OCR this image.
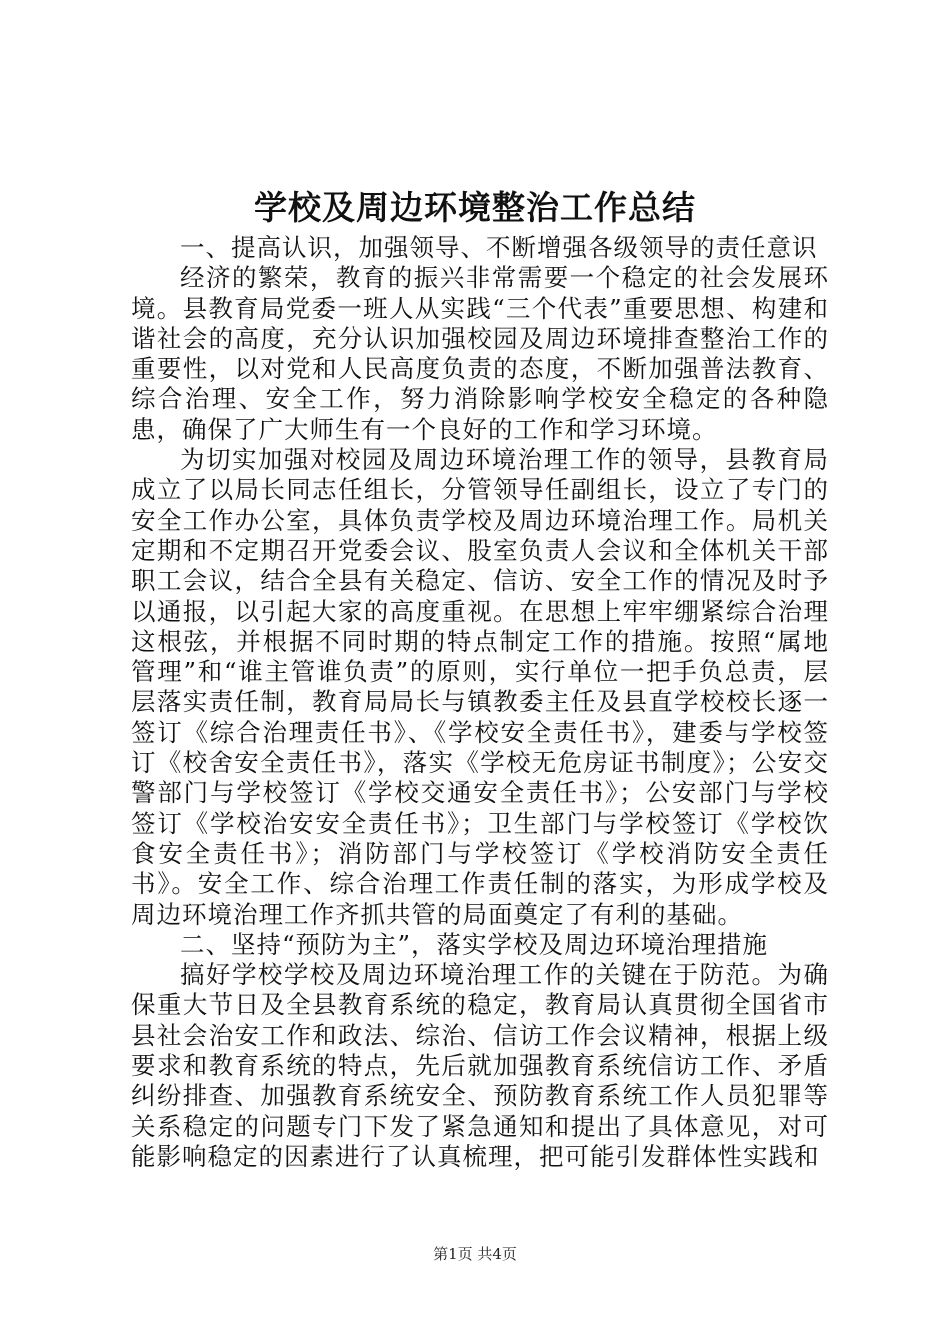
学校及周边环境整治工作总结

一、提高认识，加强领导、不断增强各级领导的责任意识

经济的繁荣，教育的振兴非常需要一个稳定的社会发展环境。县教育局党委一班人从实践“三个代表”重要思想、构建和谐社会的高度，充分认识加强校园及周边环境排查整治工作的重要性，以对党和人民高度负责的态度，不断加强普法教育、综合治理、安全工作，努力消除影响学校安全稳定的各种隐患，确保了广大师生有一个良好的工作和学习环境。

为切实加强对校园及周边环境治理工作的领导，县教育局成立了以局长同志任组长，分管领导任副组长，设立了专门的安全工作办公室，具体负责学校及周边环境治理工作。局机关定期和不定期召开党委会议、股室负责人会议和全体机关干部职工会议，结合全县有关稳定、信访、安全工作的情况及时予以通报，以引起大家的高度重视。在思想上牢牢绷紧综合治理这根弦，并根据不同时期的特点制定工作的措施。按照“属地管理”和“谁主管谁负责”的原则，实行单位一把手负总责，层层落实责任制，教育局局长与镇教委主任及县直学校校长逐一签订《综合治理责任书》、《学校安全责任书》，建委与学校签订《校舍安全责任书》，落实《学校无危房证书制度》；公安交警部门与学校签订《学校交通安全责任书》；公安部门与学校签订《学校治安安全责任书》；卫生部门与学校签订《学校饮食安全责任书》；消防部门与学校签订《学校消防安全责任书》。安全工作、综合治理工作责任制的落实，为形成学校及周边环境治理工作齐抓共管的局面奠定了有利的基础。

二、坚持“预防为主”，落实学校及周边环境治理措施

搞好学校学校及周边环境治理工作的关键在于防范。为确保重大节日及全县教育系统的稳定，教育局认真贯彻全国省市县社会治安工作和政法、综治、信访工作会议精神，根据上级要求和教育系统的特点，先后就加强教育系统信访工作、矛盾纠纷排查、加强教育系统安全、预防教育系统工作人员犯罪等关系稳定的问题专门下发了紧急通知和提出了具体意见，对可能影响稳定的因素进行了认真梳理，把可能引发群体性实践和

第1页 共4页
